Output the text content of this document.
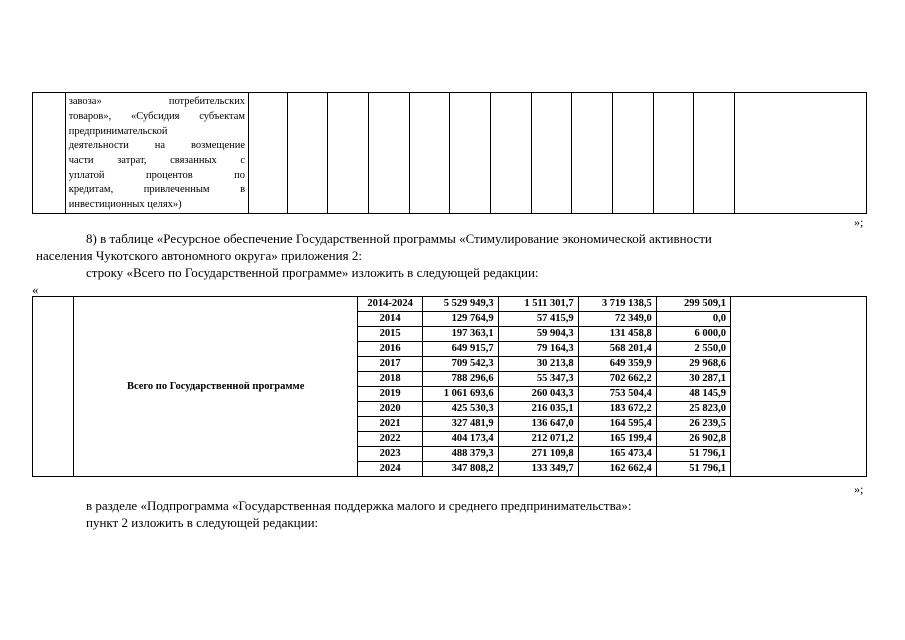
завоза» потребительских
товаров», «Субсидия субъектам
предпринимательской
деятельности на возмещение
части затрат, связанных с
уплатой процентов по
кредитам, привлеченным в
инвестиционных целях»)

»;
8) в таблице «Ресурсное обеспечение Государственной программы «Стимулирование экономической активности
населения Чукотского автономного округа» приложения 2:
строку «Всего по Государственной программе» изложить в следующей редакции:
«
	Всего по Государственной программе	2014-2024	5 529 949,3	1 511 301,7	3 719 138,5	299 509,1	
		2014	129 764,9	57 415,9	72 349,0	0,0	
		2015	197 363,1	59 904,3	131 458,8	6 000,0	
		2016	649 915,7	79 164,3	568 201,4	2 550,0	
		2017	709 542,3	30 213,8	649 359,9	29 968,6	
		2018	788 296,6	55 347,3	702 662,2	30 287,1	
		2019	1 061 693,6	260 043,3	753 504,4	48 145,9	
		2020	425 530,3	216 035,1	183 672,2	25 823,0	
		2021	327 481,9	136 647,0	164 595,4	26 239,5	
		2022	404 173,4	212 071,2	165 199,4	26 902,8	
		2023	488 379,3	271 109,8	165 473,4	51 796,1	
		2024	347 808,2	133 349,7	162 662,4	51 796,1	
»;
в разделе «Подпрограмма «Государственная поддержка малого и среднего предпринимательства»:
пункт 2 изложить в следующей редакции:
